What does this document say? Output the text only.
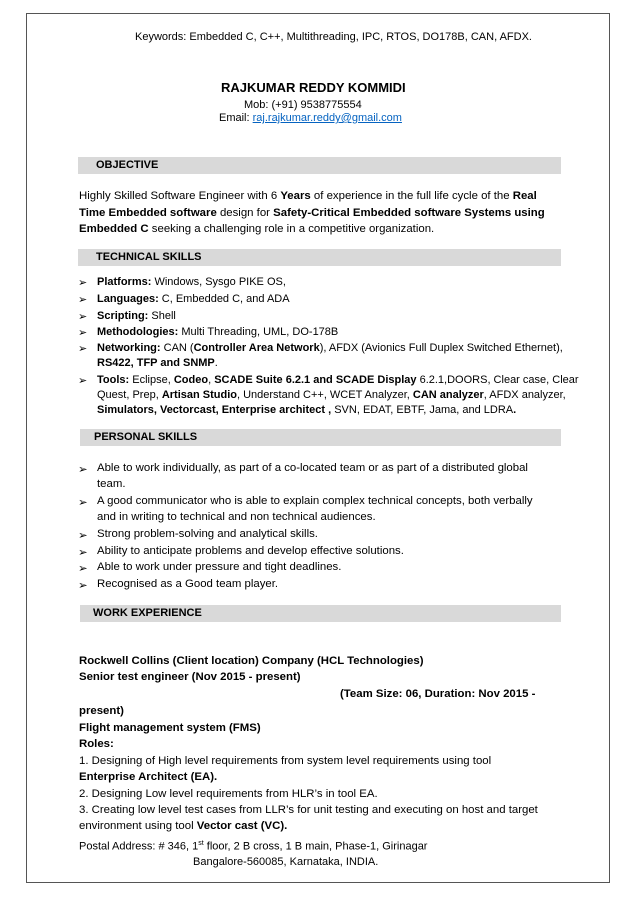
Keywords: Embedded C, C++, Multithreading, IPC, RTOS, DO178B, CAN, AFDX.
RAJKUMAR REDDY KOMMIDI
Mob: (+91) 9538775554
Email: raj.rajkumar.reddy@gmail.com
OBJECTIVE
Highly Skilled Software Engineer with 6 Years of experience in the full life cycle of the Real
Time Embedded software design for Safety-Critical Embedded software Systems using
Embedded C seeking a challenging role in a competitive organization.
TECHNICAL SKILLS
➢ Platforms: Windows, Sysgo PIKE OS,
➢ Languages: C, Embedded C, and ADA
➢ Scripting: Shell
➢ Methodologies: Multi Threading, UML, DO-178B
➢ Networking: CAN (Controller Area Network), AFDX (Avionics Full Duplex Switched Ethernet),
RS422, TFP and SNMP.
➢ Tools: Eclipse, Codeo, SCADE Suite 6.2.1 and SCADE Display 6.2.1,DOORS, Clear case, Clear
Quest, Prep, Artisan Studio, Understand C++, WCET Analyzer, CAN analyzer, AFDX analyzer,
Simulators, Vectorcast, Enterprise architect , SVN, EDAT, EBTF, Jama, and LDRA.
PERSONAL SKILLS
➢ Able to work individually, as part of a co-located team or as part of a distributed global
team.
➢ A good communicator who is able to explain complex technical concepts, both verbally
and in writing to technical and non technical audiences.
➢ Strong problem-solving and analytical skills.
➢ Ability to anticipate problems and develop effective solutions.
➢ Able to work under pressure and tight deadlines.
➢ Recognised as a Good team player.
WORK EXPERIENCE
Rockwell Collins (Client location) Company (HCL Technologies)
Senior test engineer (Nov 2015 - present)
(Team Size: 06, Duration: Nov 2015 -
present)
Flight management system (FMS)
Roles:
1. Designing of High level requirements from system level requirements using tool
Enterprise Architect (EA).
2. Designing Low level requirements from HLR’s in tool EA.
3. Creating low level test cases from LLR’s for unit testing and executing on host and target
environment using tool Vector cast (VC).
Postal Address: # 346, 1st floor, 2 B cross, 1 B main, Phase-1, Girinagar
Bangalore-560085, Karnataka, INDIA.
